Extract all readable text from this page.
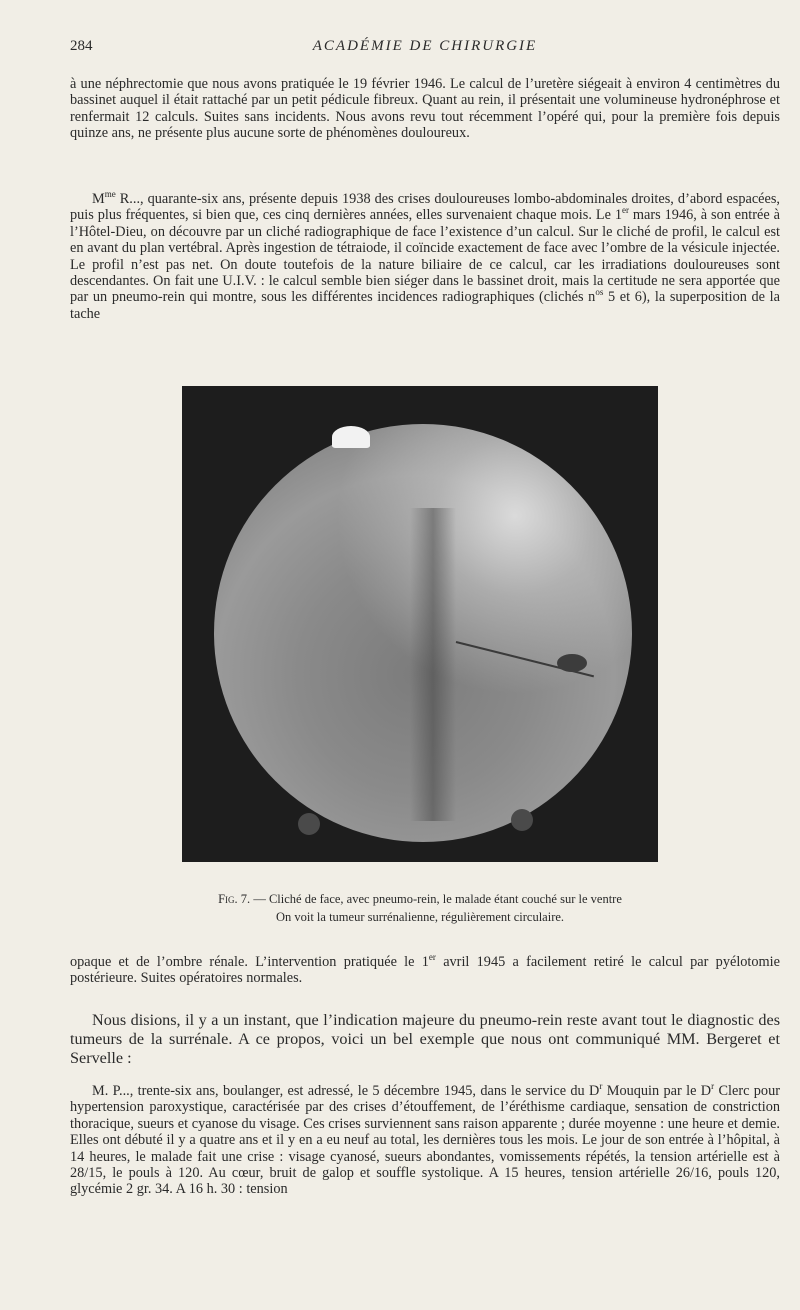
284	ACADÉMIE DE CHIRURGIE

à une néphrectomie que nous avons pratiquée le 19 février 1946. Le calcul de l’uretère siégeait à environ 4 centimètres du bassinet auquel il était rattaché par un petit pédicule fibreux. Quant au rein, il présentait une volumineuse hydronéphrose et renfermait 12 calculs. Suites sans incidents. Nous avons revu tout récemment l’opéré qui, pour la première fois depuis quinze ans, ne présente plus aucune sorte de phénomènes douloureux.

$M^{me}$ R..., quarante-six ans, présente depuis 1938 des crises douloureuses lombo-abdominales droites, d’abord espacées, puis plus fréquentes, si bien que, ces cinq dernières années, elles survenaient chaque mois. Le 1er mars 1946, à son entrée à l’Hôtel-Dieu, on découvre par un cliché radiographique de face l’existence d’un calcul. Sur le cliché de profil, le calcul est en avant du plan vertébral. Après ingestion de tétraiode, il coïncide exactement de face avec l’ombre de la vésicule injectée. Le profil n’est pas net. On doute toutefois de la nature biliaire de ce calcul, car les irradiations douloureuses sont descendantes. On fait une U.I.V. : le calcul semble bien siéger dans le bassinet droit, mais la certitude ne sera apportée que par un pneumo-rein qui montre, sous les différentes incidences radiographiques (clichés $n^{os}$ 5 et 6), la superposition de la tache

Fig. 7. — Cliché de face, avec pneumo-rein, le malade étant couché sur le ventre
On voit la tumeur surrénalienne, régulièrement circulaire.

opaque et de l’ombre rénale. L’intervention pratiquée le 1er avril 1945 a facilement retiré le calcul par pyélotomie postérieure. Suites opératoires normales.

Nous disions, il y a un instant, que l’indication majeure du pneumo-rein reste avant tout le diagnostic des tumeurs de la surrénale. A ce propos, voici un bel exemple que nous ont communiqué MM. Bergeret et Servelle :

M. P..., trente-six ans, boulanger, est adressé, le 5 décembre 1945, dans le service du $D^r$ Mouquin par le $D^r$ Clerc pour hypertension paroxystique, caractérisée par des crises d’étouffement, de l’éréthisme cardiaque, sensation de constriction thoracique, sueurs et cyanose du visage. Ces crises surviennent sans raison apparente ; durée moyenne : une heure et demie. Elles ont débuté il y a quatre ans et il y en a eu neuf au total, les dernières tous les mois. Le jour de son entrée à l’hôpital, à 14 heures, le malade fait une crise : visage cyanosé, sueurs abondantes, vomissements répétés, la tension artérielle est à 28/15, le pouls à 120. Au cœur, bruit de galop et souffle systolique. A 15 heures, tension artérielle 26/16, pouls 120, glycémie 2 gr. 34. A 16 h. 30 : tension
